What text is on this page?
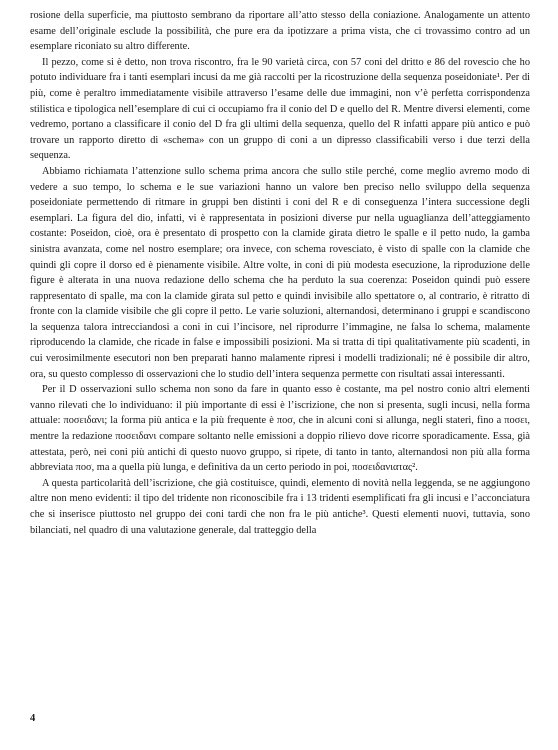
rosione della superficie, ma piuttosto sembrano da riportare all’atto stesso della coniazione. Analogamente un attento esame dell’originale esclude la possibilità, che pure era da ipotizzare a prima vista, che ci trovassimo contro ad un esemplare riconiato su altro differente.

Il pezzo, come si è detto, non trova riscontro, fra le 90 varietà circa, con 57 coni del dritto e 86 del rovescio che ho potuto individuare fra i tanti esemplari incusi da me già raccolti per la ricostruzione della sequenza poseidoniate¹. Per di più, come è peraltro immediatamente visibile attraverso l’esame delle due immagini, non v’è perfetta corrispondenza stilistica e tipologica nell’esemplare di cui ci occupiamo fra il conio del D e quello del R. Mentre diversi elementi, come vedremo, portano a classificare il conio del D fra gli ultimi della sequenza, quello del R infatti appare più antico e può trovare un rapporto diretto di «schema» con un gruppo di coni a un dipresso classificabili verso i due terzi della sequenza.

Abbiamo richiamata l’attenzione sullo schema prima ancora che sullo stile perché, come meglio avremo modo di vedere a suo tempo, lo schema e le sue variazioni hanno un valore ben preciso nello sviluppo della sequenza poseidoniate permettendo di ritmare in gruppi ben distinti i coni del R e di conseguenza l’intera successione degli esemplari. La figura del dio, infatti, vi è rappresentata in posizioni diverse pur nella uguaglianza dell’atteggiamento costante: Poseidon, cioè, ora è presentato di prospetto con la clamide girata dietro le spalle e il petto nudo, la gamba sinistra avanzata, come nel nostro esemplare; ora invece, con schema rovesciato, è visto di spalle con la clamide che quindi gli copre il dorso ed è pienamente visibile. Altre volte, in coni di più modesta esecuzione, la riproduzione delle figure è alterata in una nuova redazione dello schema che ha perduto la sua coerenza: Poseidon quindi può essere rappresentato di spalle, ma con la clamide girata sul petto e quindi invisibile allo spettatore o, al contrario, è ritratto di fronte con la clamide visibile che gli copre il petto. Le varie soluzioni, alternandosi, determinano i gruppi e scandiscono la sequenza talora intrecciandosi a coni in cui l’incisore, nel riprodurre l’immagine, ne falsa lo schema, malamente riproducendo la clamide, che ricade in false e impossibili posizioni. Ma si tratta di tipi qualitativamente più scadenti, in cui verosimilmente esecutori non ben preparati hanno malamente ripresi i modelli tradizionali; né è possibile dir altro, ora, su questo complesso di osservazioni che lo studio dell’intera sequenza permette con risultati assai interessanti.

Per il D osservazioni sullo schema non sono da fare in quanto esso è costante, ma pel nostro conio altri elementi vanno rilevati che lo individuano: il più importante di essi è l’iscrizione, che non si presenta, sugli incusi, nella forma attuale: ποσειδανι; la forma più antica e la più frequente è ποσ, che in alcuni coni si allunga, negli stateri, fino a ποσει, mentre la redazione ποσειδανι compare soltanto nelle emissioni a doppio rilievo dove ricorre sporadicamente. Essa, già attestata, però, nei coni più antichi di questo nuovo gruppo, si ripete, di tanto in tanto, alternandosi non più alla forma abbreviata ποσ, ma a quella più lunga, e definitiva da un certo periodo in poi, ποσειδανιατας².

A questa particolarità dell’iscrizione, che già costituisce, quindi, elemento di novità nella leggenda, se ne aggiungono altre non meno evidenti: il tipo del tridente non riconoscibile fra i 13 tridenti esemplificati fra gli incusi e l’acconciatura che si inserisce piuttosto nel gruppo dei coni tardi che non fra le più antiche³. Questi elementi nuovi, tuttavia, sono bilanciati, nel quadro di una valutazione generale, dal tratteggio della

4
